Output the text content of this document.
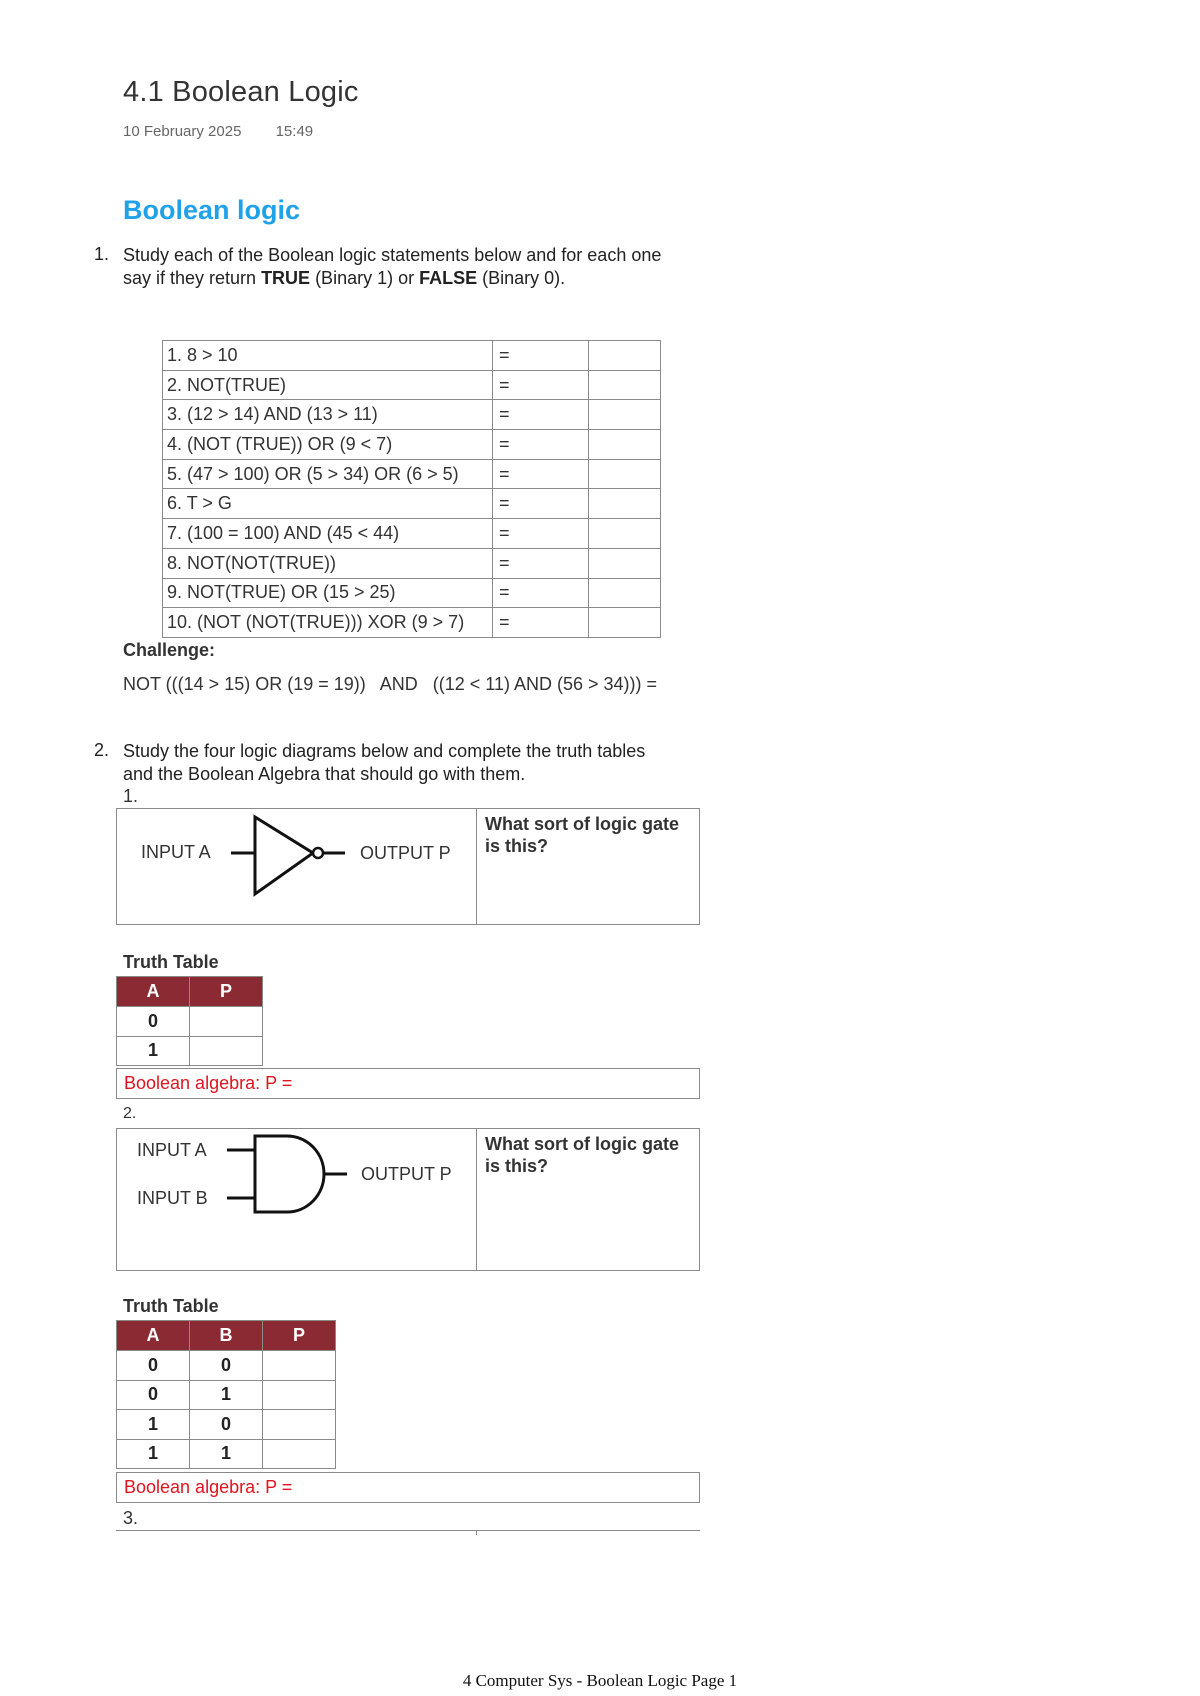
4.1 Boolean Logic
10 February 2025 15:49
Boolean logic
1. Study each of the Boolean logic statements below and for each one
say if they return TRUE (Binary 1) or FALSE (Binary 0).
1. 8 > 10	=	
2. NOT(TRUE)	=	
3. (12 > 14) AND (13 > 11)	=	
4. (NOT (TRUE)) OR (9 < 7)	=	
5. (47 > 100) OR (5 > 34) OR (6 > 5)	=	
6. T > G	=	
7. (100 = 100) AND (45 < 44)	=	
8. NOT(NOT(TRUE))	=	
9. NOT(TRUE) OR (15 > 25)	=	
10. (NOT (NOT(TRUE))) XOR (9 > 7)	=	
Challenge:
NOT (((14 > 15) OR (19 = 19))   AND   ((12 < 11) AND (56 > 34))) =
2. Study the four logic diagrams below and complete the truth tables
and the Boolean Algebra that should go with them.
1.
INPUT A	OUTPUT P
What sort of logic gate is this?
Truth Table
A	P
0	
1	
Boolean algebra: P =
2.
INPUT A
INPUT B
OUTPUT P
What sort of logic gate is this?
Truth Table
A	B	P
0	0	
0	1	
1	0	
1	1	
Boolean algebra: P =
3.
4 Computer Sys - Boolean Logic Page 1
